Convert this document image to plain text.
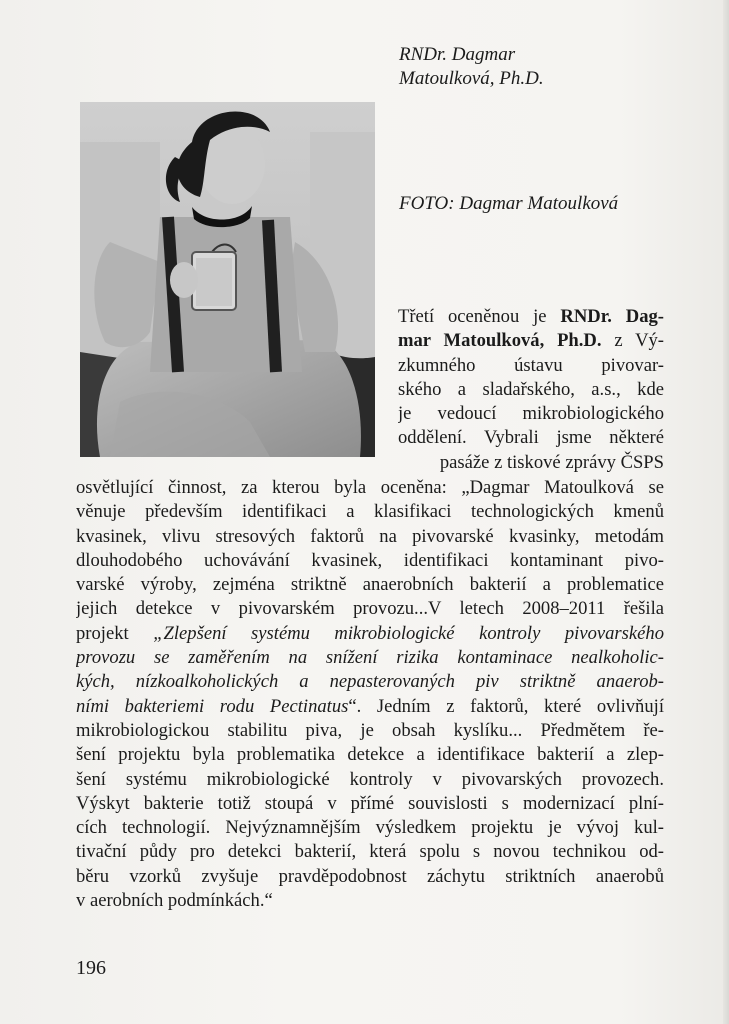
RNDr. Dagmar
Matoulková, Ph.D.
FOTO: Dagmar Matoulková
Třetí oceněnou je RNDr. Dag-
mar Matoulková, Ph.D. z Vý-
zkumného ústavu pivovar-
ského a sladařského, a.s., kde
je vedoucí mikrobiologického
oddělení. Vybrali jsme některé
pasáže z tiskové zprávy ČSPS
osvětlující činnost, za kterou byla oceněna: „Dagmar Matoulková se
věnuje především identifikaci a klasifikaci technologických kmenů
kvasinek, vlivu stresových faktorů na pivovarské kvasinky, metodám
dlouhodobého uchovávání kvasinek, identifikaci kontaminant pivo-
varské výroby, zejména striktně anaerobních bakterií a problematice
jejich detekce v pivovarském provozu...V letech 2008–2011 řešila
projekt „Zlepšení systému mikrobiologické kontroly pivovarského
provozu se zaměřením na snížení rizika kontaminace nealkoholic-
kých, nízkoalkoholických a nepasterovaných piv striktně anaerob-
ními bakteriemi rodu Pectinatus“. Jedním z faktorů, které ovlivňují
mikrobiologickou stabilitu piva, je obsah kyslíku... Předmětem ře-
šení projektu byla problematika detekce a identifikace bakterií a zlep-
šení systému mikrobiologické kontroly v pivovarských provozech.
Výskyt bakterie totiž stoupá v přímé souvislosti s modernizací plní-
cích technologií. Nejvýznamnějším výsledkem projektu je vývoj kul-
tivační půdy pro detekci bakterií, která spolu s novou technikou od-
běru vzorků zvyšuje pravděpodobnost záchytu striktních anaerobů
v aerobních podmínkách.“
196
